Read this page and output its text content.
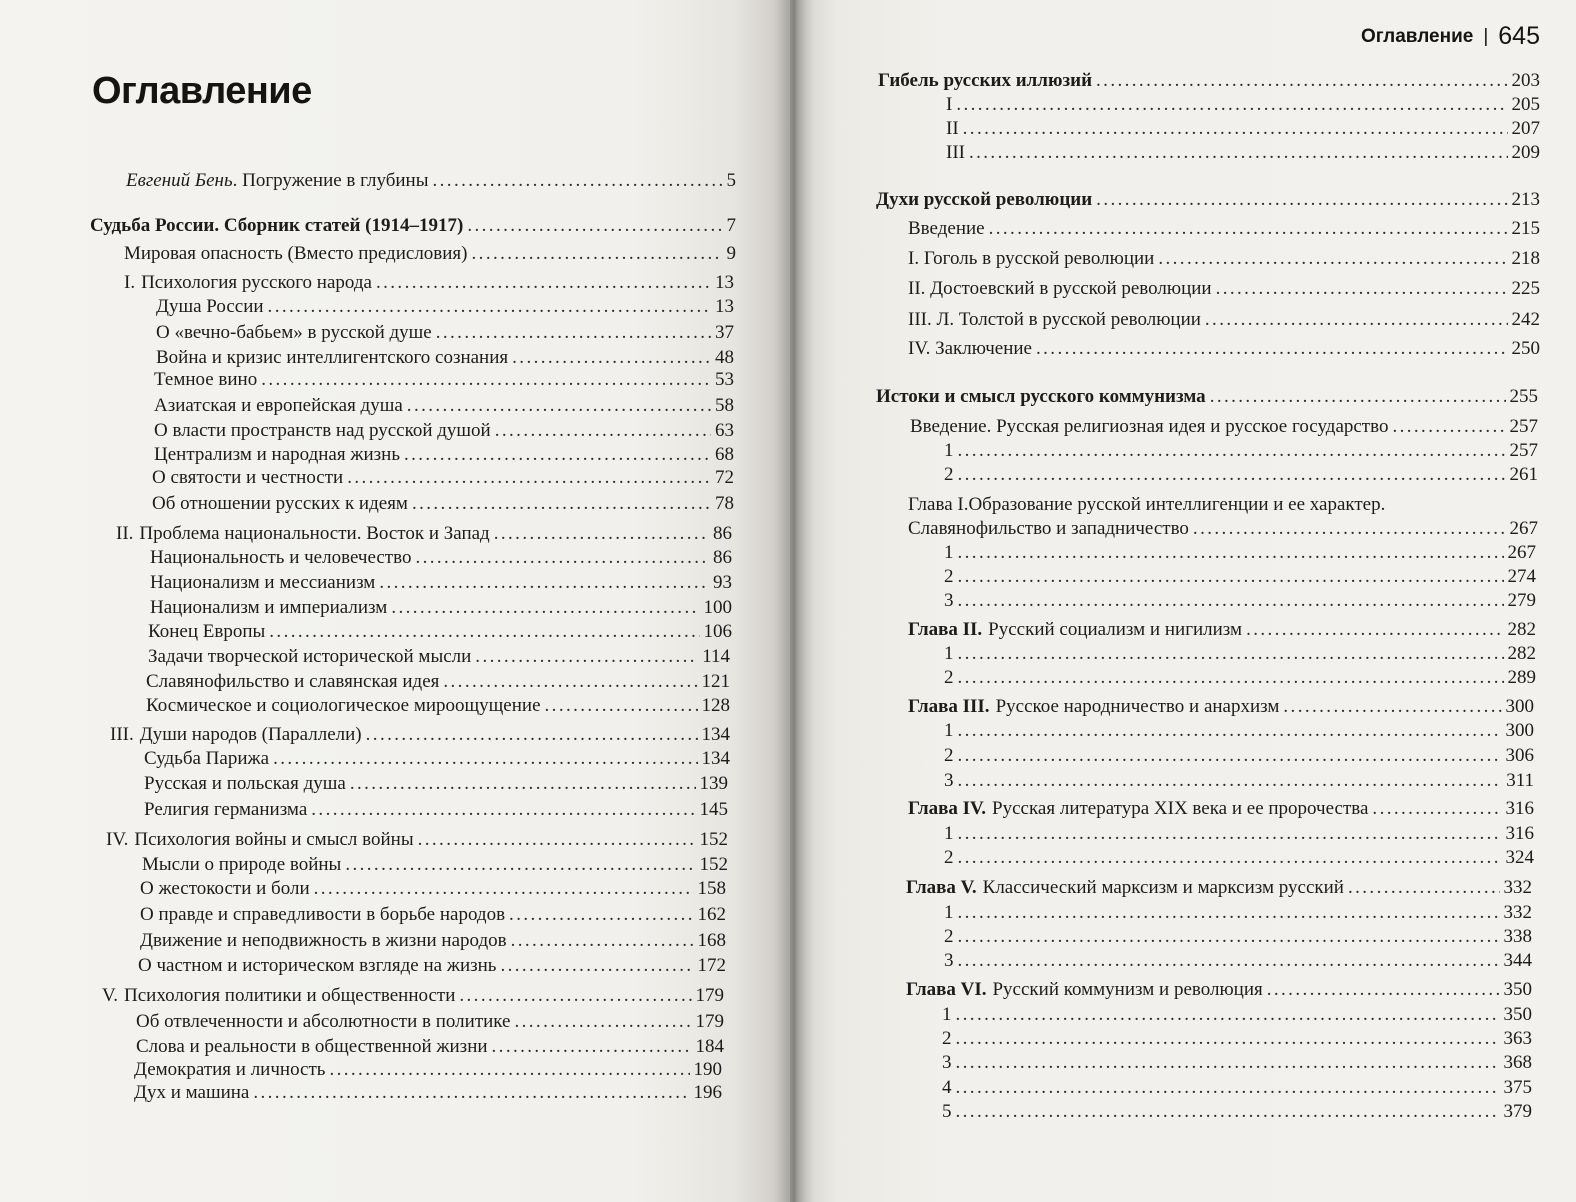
Оглавление
Евгений Бень. Погружение в глубины .....	5
Судьба России. Сборник статей (1914–1917) .....	7
Мировая опасность (Вместо предисловия) .....	9
I. Психология русского народа .....	13
Душа России .....	13
О «вечно-бабьем» в русской душе .....	37
Война и кризис интеллигентского сознания .....	48
Темное вино .....	53
Азиатская и европейская душа .....	58
О власти пространств над русской душой .....	63
Централизм и народная жизнь .....	68
О святости и честности .....	72
Об отношении русских к идеям .....	78
II. Проблема национальности. Восток и Запад .....	86
Национальность и человечество .....	86
Национализм и мессианизм .....	93
Национализм и империализм .....	100
Конец Европы .....	106
Задачи творческой исторической мысли .....	114
Славянофильство и славянская идея .....	121
Космическое и социологическое мироощущение .....	128
III. Души народов (Параллели) .....	134
Судьба Парижа .....	134
Русская и польская душа .....	139
Религия германизма .....	145
IV. Психология войны и смысл войны .....	152
Мысли о природе войны .....	152
О жестокости и боли .....	158
О правде и справедливости в борьбе народов .....	162
Движение и неподвижность в жизни народов .....	168
О частном и историческом взгляде на жизнь .....	172
V. Психология политики и общественности .....	179
Об отвлеченности и абсолютности в политике .....	179
Слова и реальности в общественной жизни .....	184
Демократия и личность .....	190
Дух и машина .....	196
Оглавление | 645
Гибель русских иллюзий .....	203
I .....	205
II .....	207
III .....	209
Духи русской революции .....	213
Введение .....	215
I. Гоголь в русской революции .....	218
II. Достоевский в русской революции .....	225
III. Л. Толстой в русской революции .....	242
IV. Заключение .....	250
Истоки и смысл русского коммунизма .....	255
Введение. Русская религиозная идея и русское государство .....	257
1 .....	257
2 .....	261
Глава I.Образование русской интеллигенции и ее характер.
Славянофильство и западничество .....	267
1 .....	267
2 .....	274
3 .....	279
Глава II. Русский социализм и нигилизм .....	282
1 .....	282
2 .....	289
Глава III. Русское народничество и анархизм .....	300
1 .....	300
2 .....	306
3 .....	311
Глава IV. Русская литература XIX века и ее пророчества .....	316
1 .....	316
2 .....	324
Глава V. Классический марксизм и марксизм русский .....	332
1 .....	332
2 .....	338
3 .....	344
Глава VI. Русский коммунизм и революция .....	350
1 .....	350
2 .....	363
3 .....	368
4 .....	375
5 .....	379
